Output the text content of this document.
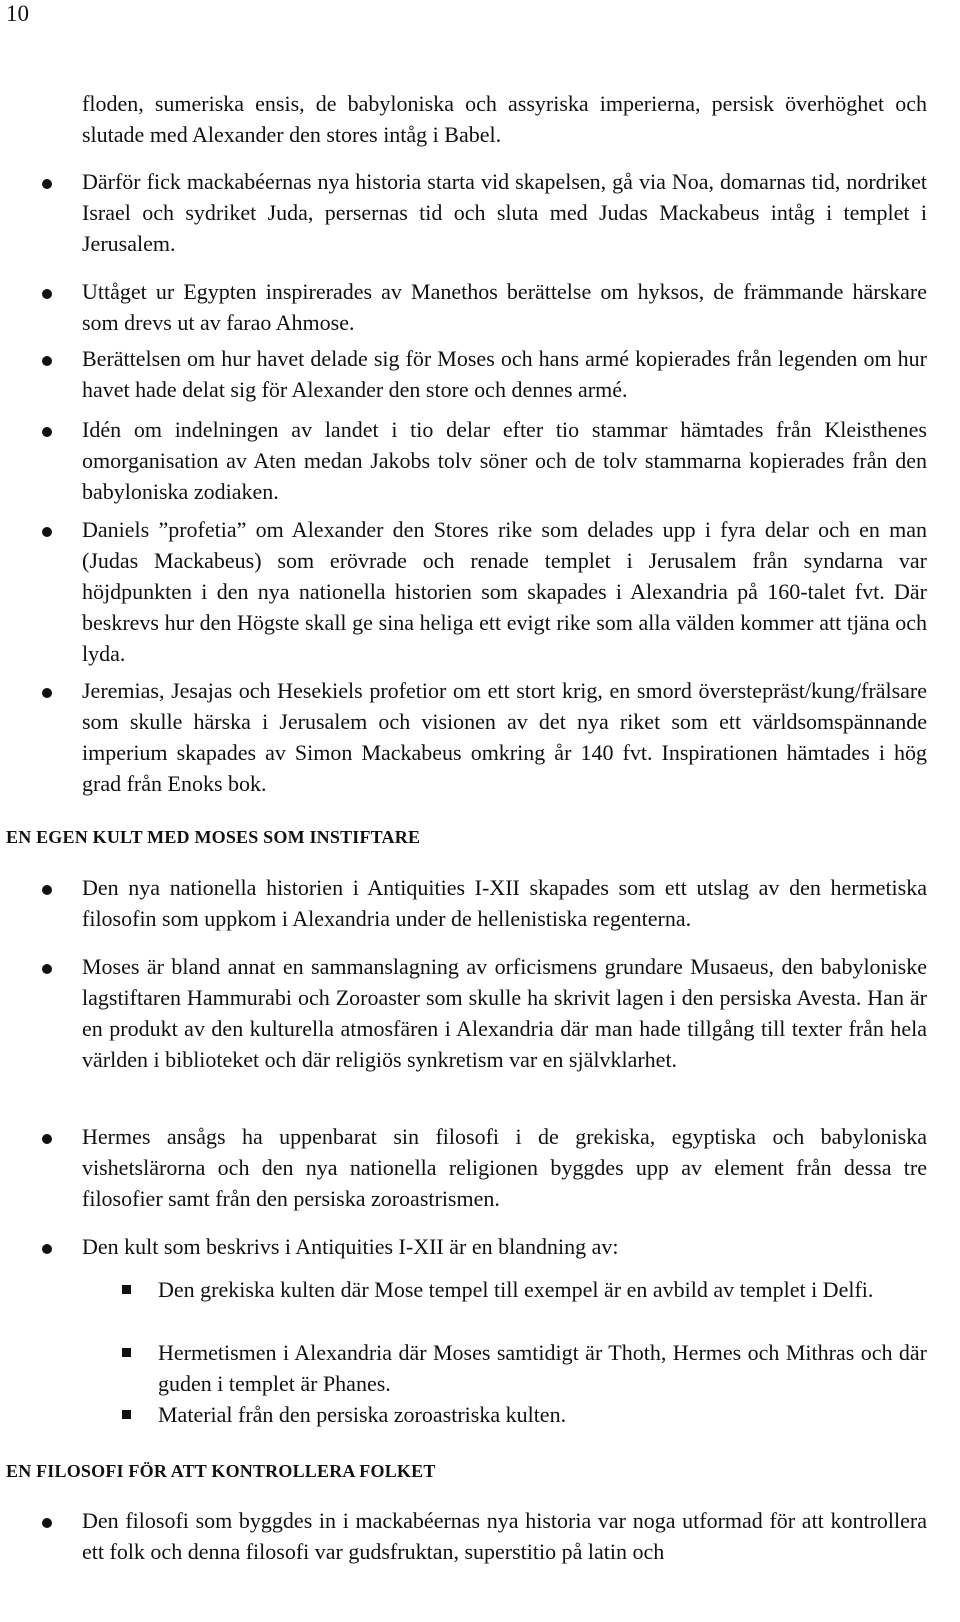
10
floden, sumeriska ensis, de babyloniska och assyriska imperierna, persisk överhöghet och slutade med Alexander den stores intåg i Babel.
Därför fick mackabéernas nya historia starta vid skapelsen, gå via Noa, domarnas tid, nordriket Israel och sydriket Juda, persernas tid och sluta med Judas Mackabeus intåg i templet i Jerusalem.
Uttåget ur Egypten inspirerades av Manethos berättelse om hyksos, de främmande härskare som drevs ut av farao Ahmose.
Berättelsen om hur havet delade sig för Moses och hans armé kopierades från legenden om hur havet hade delat sig för Alexander den store och dennes armé.
Idén om indelningen av landet i tio delar efter tio stammar hämtades från Kleisthenes omorganisation av Aten medan Jakobs tolv söner och de tolv stammarna kopierades från den babyloniska zodiaken.
Daniels ”profetia” om Alexander den Stores rike som delades upp i fyra delar och en man (Judas Mackabeus) som erövrade och renade templet i Jerusalem från syndarna var höjdpunkten i den nya nationella historien som skapades i Alexandria på 160-talet fvt. Där beskrevs hur den Högste skall ge sina heliga ett evigt rike som alla välden kommer att tjäna och lyda.
Jeremias, Jesajas och Hesekiels profetior om ett stort krig, en smord överstepräst/kung/frälsare som skulle härska i Jerusalem och visionen av det nya riket som ett världsomspännande imperium skapades av Simon Mackabeus omkring år 140 fvt. Inspirationen hämtades i hög grad från Enoks bok.
EN EGEN KULT MED MOSES SOM INSTIFTARE
Den nya nationella historien i Antiquities I-XII skapades som ett utslag av den hermetiska filosofin som uppkom i Alexandria under de hellenistiska regenterna.
Moses är bland annat en sammanslagning av orficismens grundare Musaeus, den babyloniske lagstiftaren Hammurabi och Zoroaster som skulle ha skrivit lagen i den persiska Avesta. Han är en produkt av den kulturella atmosfären i Alexandria där man hade tillgång till texter från hela världen i biblioteket och där religiös synkretism var en självklarhet.
Hermes ansågs ha uppenbarat sin filosofi i de grekiska, egyptiska och babyloniska vishetslärorna och den nya nationella religionen byggdes upp av element från dessa tre filosofier samt från den persiska zoroastrismen.
Den kult som beskrivs i Antiquities I-XII är en blandning av:
Den grekiska kulten där Mose tempel till exempel är en avbild av templet i Delfi.
Hermetismen i Alexandria där Moses samtidigt är Thoth, Hermes och Mithras och där guden i templet är Phanes.
Material från den persiska zoroastriska kulten.
EN FILOSOFI FÖR ATT KONTROLLERA FOLKET
Den filosofi som byggdes in i mackabéernas nya historia var noga utformad för att kontrollera ett folk och denna filosofi var gudsfruktan, superstitio på latin och
